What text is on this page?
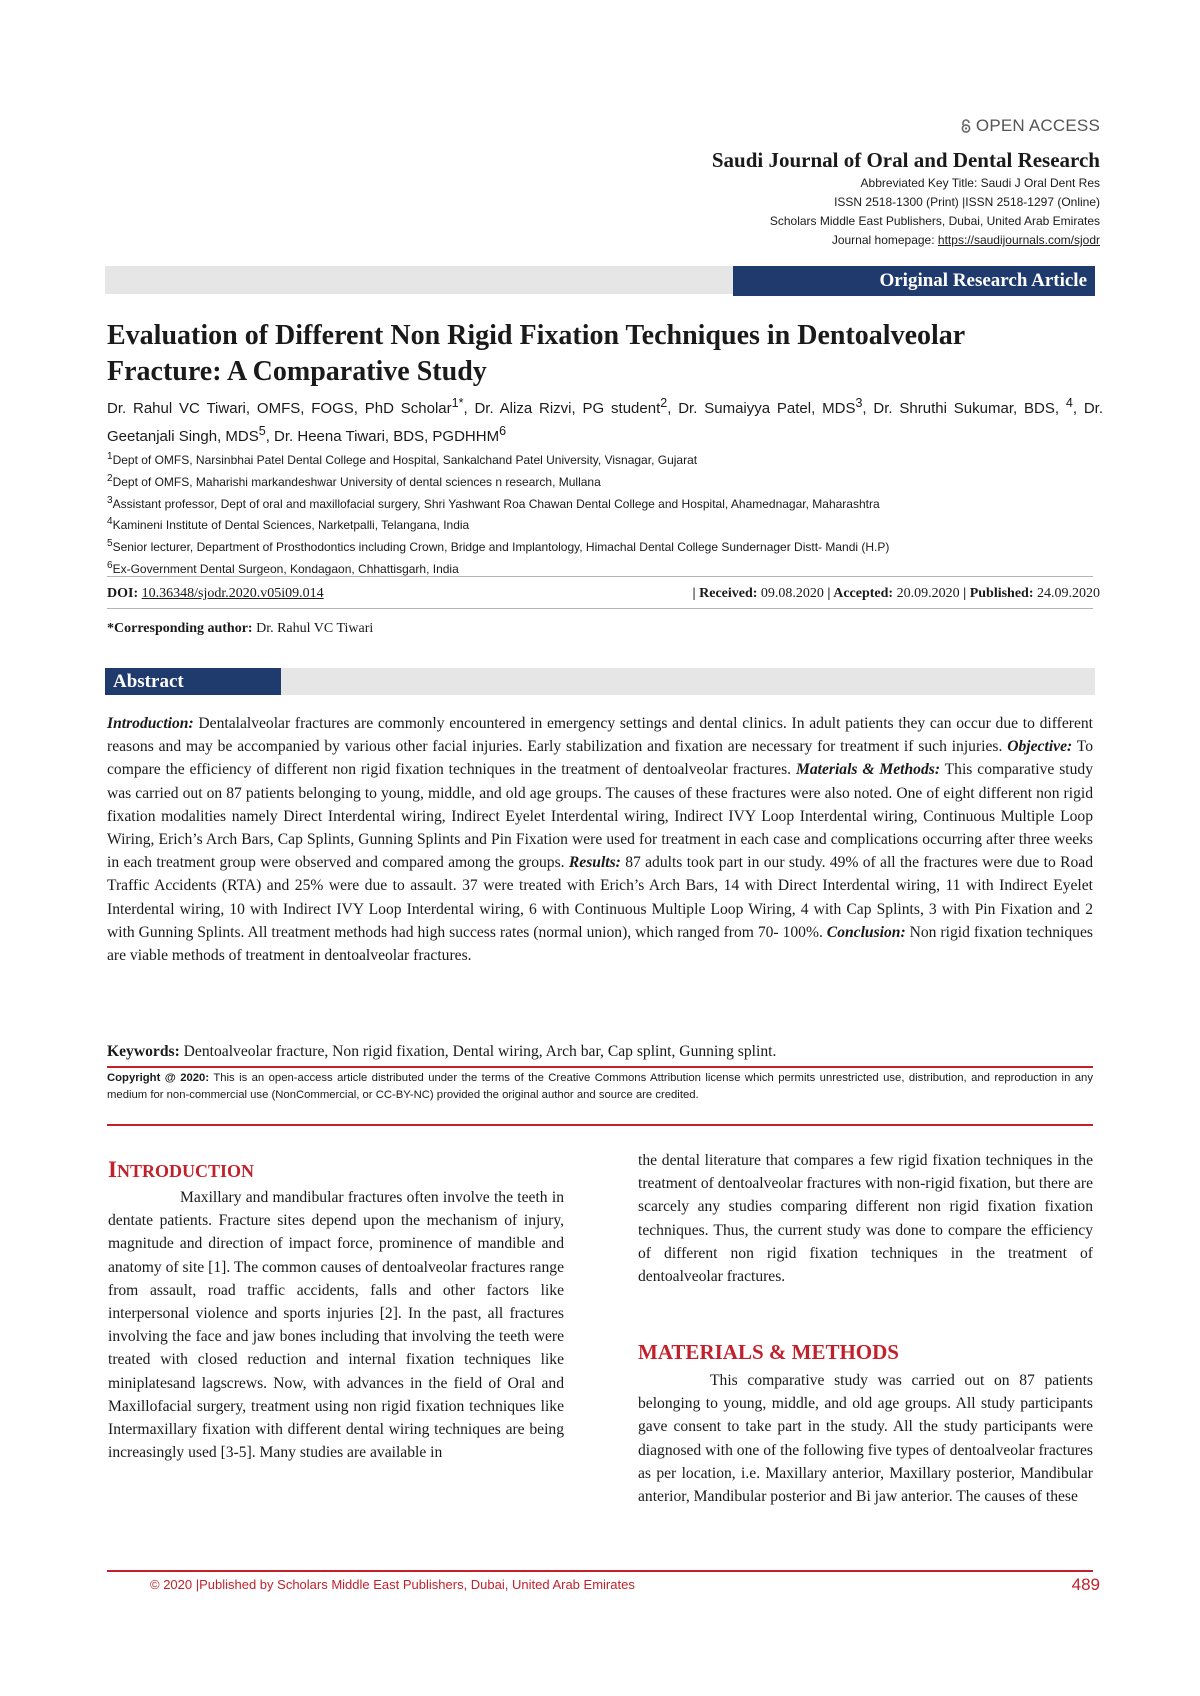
OPEN ACCESS
Saudi Journal of Oral and Dental Research
Abbreviated Key Title: Saudi J Oral Dent Res
ISSN 2518-1300 (Print) |ISSN 2518-1297 (Online)
Scholars Middle East Publishers, Dubai, United Arab Emirates
Journal homepage: https://saudijournals.com/sjodr
Original Research Article
Evaluation of Different Non Rigid Fixation Techniques in Dentoalveolar
Fracture: A Comparative Study
Dr. Rahul VC Tiwari, OMFS, FOGS, PhD Scholar$^{1*}$, Dr. Aliza Rizvi, PG student$^2$, Dr. Sumaiyya Patel, MDS$^3$, Dr. Shruthi Sukumar, BDS, $^4$, Dr. Geetanjali Singh, MDS$^5$, Dr. Heena Tiwari, BDS, PGDHHM$^6$
$^1$Dept of OMFS, Narsinbhai Patel Dental College and Hospital, Sankalchand Patel University, Visnagar, Gujarat
$^2$Dept of OMFS, Maharishi markandeshwar University of dental sciences n research, Mullana
$^3$Assistant professor, Dept of oral and maxillofacial surgery, Shri Yashwant Roa Chawan Dental College and Hospital, Ahamednagar, Maharashtra
$^4$Kamineni Institute of Dental Sciences, Narketpalli, Telangana, India
$^5$Senior lecturer, Department of Prosthodontics including Crown, Bridge and Implantology, Himachal Dental College Sundernager Distt- Mandi (H.P)
$^6$Ex-Government Dental Surgeon, Kondagaon, Chhattisgarh, India
DOI: 10.36348/sjodr.2020.v05i09.014	| Received: 09.08.2020 | Accepted: 20.09.2020 | Published: 24.09.2020
*Corresponding author: Dr. Rahul VC Tiwari
Abstract
Introduction: Dentalalveolar fractures are commonly encountered in emergency settings and dental clinics. In adult patients they can occur due to different reasons and may be accompanied by various other facial injuries. Early stabilization and fixation are necessary for treatment if such injuries. Objective: To compare the efficiency of different non rigid fixation techniques in the treatment of dentoalveolar fractures. Materials & Methods: This comparative study was carried out on 87 patients belonging to young, middle, and old age groups. The causes of these fractures were also noted. One of eight different non rigid fixation modalities namely Direct Interdental wiring, Indirect Eyelet Interdental wiring, Indirect IVY Loop Interdental wiring, Continuous Multiple Loop Wiring, Erich’s Arch Bars, Cap Splints, Gunning Splints and Pin Fixation were used for treatment in each case and complications occurring after three weeks in each treatment group were observed and compared among the groups. Results: 87 adults took part in our study. 49% of all the fractures were due to Road Traffic Accidents (RTA) and 25% were due to assault. 37 were treated with Erich’s Arch Bars, 14 with Direct Interdental wiring, 11 with Indirect Eyelet Interdental wiring, 10 with Indirect IVY Loop Interdental wiring, 6 with Continuous Multiple Loop Wiring, 4 with Cap Splints, 3 with Pin Fixation and 2 with Gunning Splints. All treatment methods had high success rates (normal union), which ranged from 70- 100%. Conclusion: Non rigid fixation techniques are viable methods of treatment in dentoalveolar fractures.
Keywords: Dentoalveolar fracture, Non rigid fixation, Dental wiring, Arch bar, Cap splint, Gunning splint.
Copyright @ 2020: This is an open-access article distributed under the terms of the Creative Commons Attribution license which permits unrestricted use, distribution, and reproduction in any medium for non-commercial use (NonCommercial, or CC-BY-NC) provided the original author and source are credited.
INTRODUCTION
Maxillary and mandibular fractures often involve the teeth in dentate patients. Fracture sites depend upon the mechanism of injury, magnitude and direction of impact force, prominence of mandible and anatomy of site [1]. The common causes of dentoalveolar fractures range from assault, road traffic accidents, falls and other factors like interpersonal violence and sports injuries [2]. In the past, all fractures involving the face and jaw bones including that involving the teeth were treated with closed reduction and internal fixation techniques like miniplatesand lagscrews. Now, with advances in the field of Oral and Maxillofacial surgery, treatment using non rigid fixation techniques like Intermaxillary fixation with different dental wiring techniques are being increasingly used [3-5]. Many studies are available in
the dental literature that compares a few rigid fixation techniques in the treatment of dentoalveolar fractures with non-rigid fixation, but there are scarcely any studies comparing different non rigid fixation fixation techniques. Thus, the current study was done to compare the efficiency of different non rigid fixation techniques in the treatment of dentoalveolar fractures.
MATERIALS & METHODS
This comparative study was carried out on 87 patients belonging to young, middle, and old age groups. All study participants gave consent to take part in the study. All the study participants were diagnosed with one of the following five types of dentoalveolar fractures as per location, i.e. Maxillary anterior, Maxillary posterior, Mandibular anterior, Mandibular posterior and Bi jaw anterior. The causes of these
© 2020 |Published by Scholars Middle East Publishers, Dubai, United Arab Emirates	489
